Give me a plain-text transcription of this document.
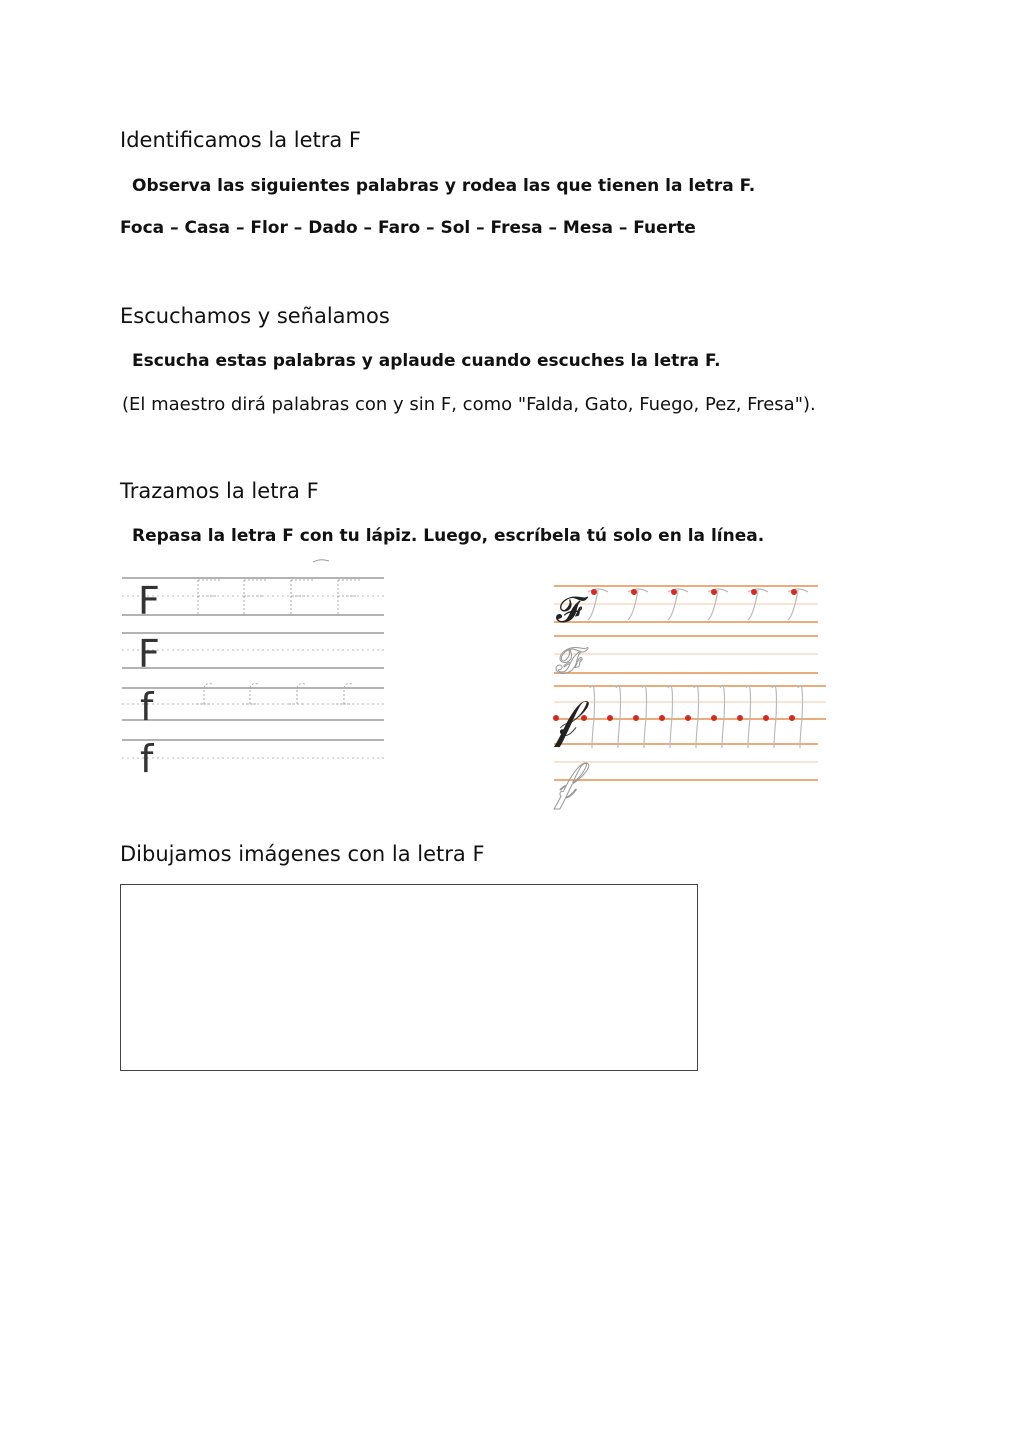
Identificamos la letra F

Observa las siguientes palabras y rodea las que tienen la letra F.

Foca – Casa – Flor – Dado – Faro – Sol – Fresa – Mesa – Fuerte

Escuchamos y señalamos

Escucha estas palabras y aplaude cuando escuches la letra F.

(El maestro dirá palabras con y sin F, como "Falda, Gato, Fuego, Pez, Fresa").

Trazamos la letra F

Repasa la letra F con tu lápiz. Luego, escríbela tú solo en la línea.

F
F
f
f
𝓕
𝓕
𝒻
𝒻
Dibujamos imágenes con la letra F
